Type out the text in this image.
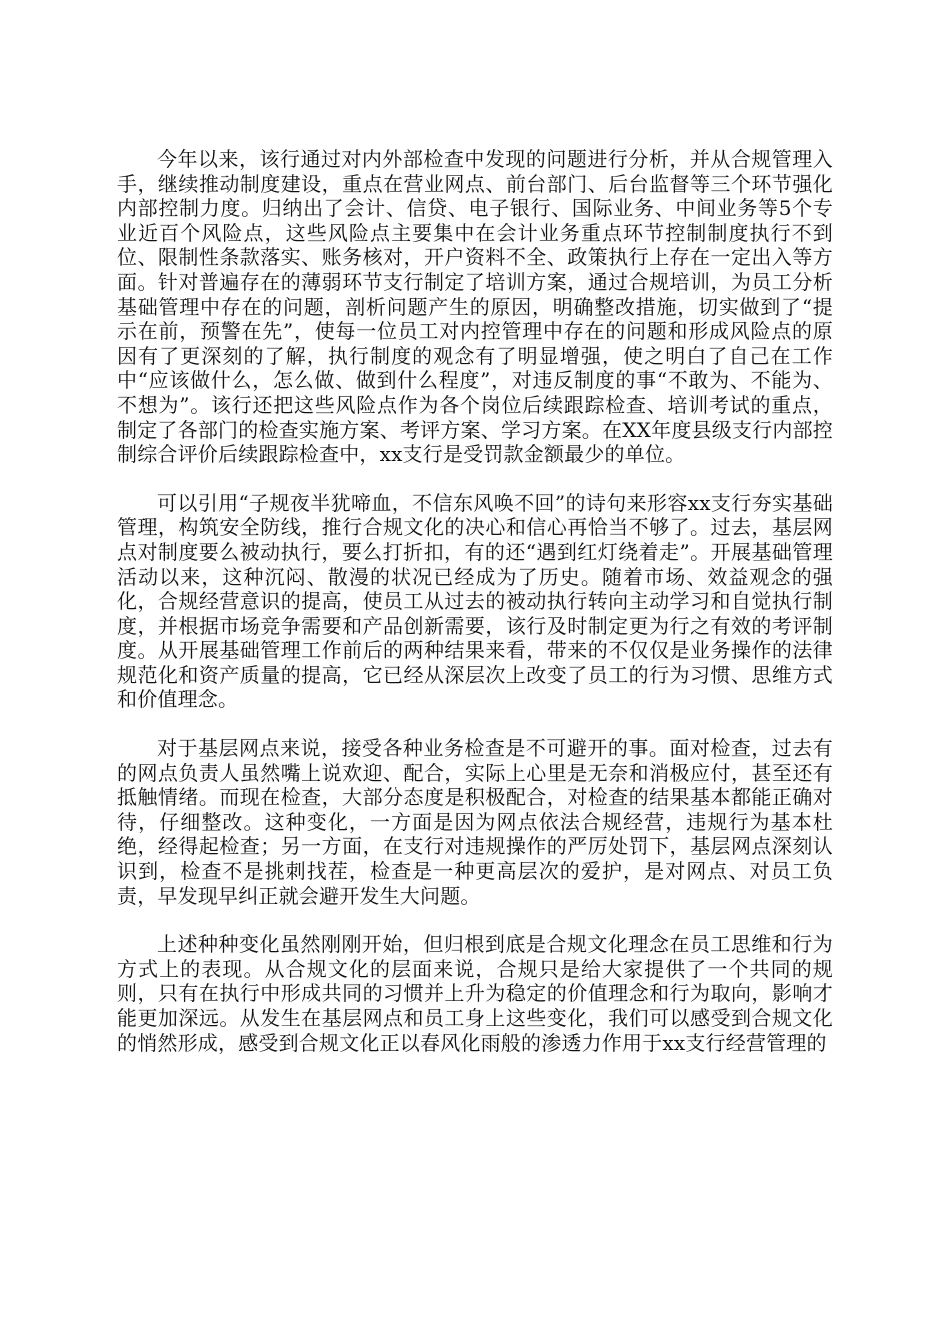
今年以来，该行通过对内外部检查中发现的问题进行分析，并从合规管理入手，继续推动制度建设，重点在营业网点、前台部门、后台监督等三个环节强化内部控制力度。归纳出了会计、信贷、电子银行、国际业务、中间业务等5个专业近百个风险点，这些风险点主要集中在会计业务重点环节控制制度执行不到位、限制性条款落实、账务核对，开户资料不全、政策执行上存在一定出入等方面。针对普遍存在的薄弱环节支行制定了培训方案，通过合规培训，为员工分析基础管理中存在的问题，剖析问题产生的原因，明确整改措施，切实做到了“提示在前，预警在先”，使每一位员工对内控管理中存在的问题和形成风险点的原因有了更深刻的了解，执行制度的观念有了明显增强，使之明白了自己在工作中“应该做什么，怎么做、做到什么程度”，对违反制度的事“不敢为、不能为、不想为”。该行还把这些风险点作为各个岗位后续跟踪检查、培训考试的重点，制定了各部门的检查实施方案、考评方案、学习方案。在XX年度县级支行内部控制综合评价后续跟踪检查中，xx支行是受罚款金额最少的单位。

可以引用“子规夜半犹啼血，不信东风唤不回”的诗句来形容xx支行夯实基础管理，构筑安全防线，推行合规文化的决心和信心再恰当不够了。过去，基层网点对制度要么被动执行，要么打折扣，有的还“遇到红灯绕着走”。开展基础管理活动以来，这种沉闷、散漫的状况已经成为了历史。随着市场、效益观念的强化，合规经营意识的提高，使员工从过去的被动执行转向主动学习和自觉执行制度，并根据市场竞争需要和产品创新需要，该行及时制定更为行之有效的考评制度。从开展基础管理工作前后的两种结果来看，带来的不仅仅是业务操作的法律规范化和资产质量的提高，它已经从深层次上改变了员工的行为习惯、思维方式和价值理念。

对于基层网点来说，接受各种业务检查是不可避开的事。面对检查，过去有的网点负责人虽然嘴上说欢迎、配合，实际上心里是无奈和消极应付，甚至还有抵触情绪。而现在检查，大部分态度是积极配合，对检查的结果基本都能正确对待，仔细整改。这种变化，一方面是因为网点依法合规经营，违规行为基本杜绝，经得起检查；另一方面，在支行对违规操作的严厉处罚下，基层网点深刻认识到，检查不是挑刺找茬，检查是一种更高层次的爱护，是对网点、对员工负责，早发现早纠正就会避开发生大问题。

上述种种变化虽然刚刚开始，但归根到底是合规文化理念在员工思维和行为方式上的表现。从合规文化的层面来说，合规只是给大家提供了一个共同的规则，只有在执行中形成共同的习惯并上升为稳定的价值理念和行为取向，影响才能更加深远。从发生在基层网点和员工身上这些变化，我们可以感受到合规文化的悄然形成，感受到合规文化正以春风化雨般的渗透力作用于xx支行经营管理的
